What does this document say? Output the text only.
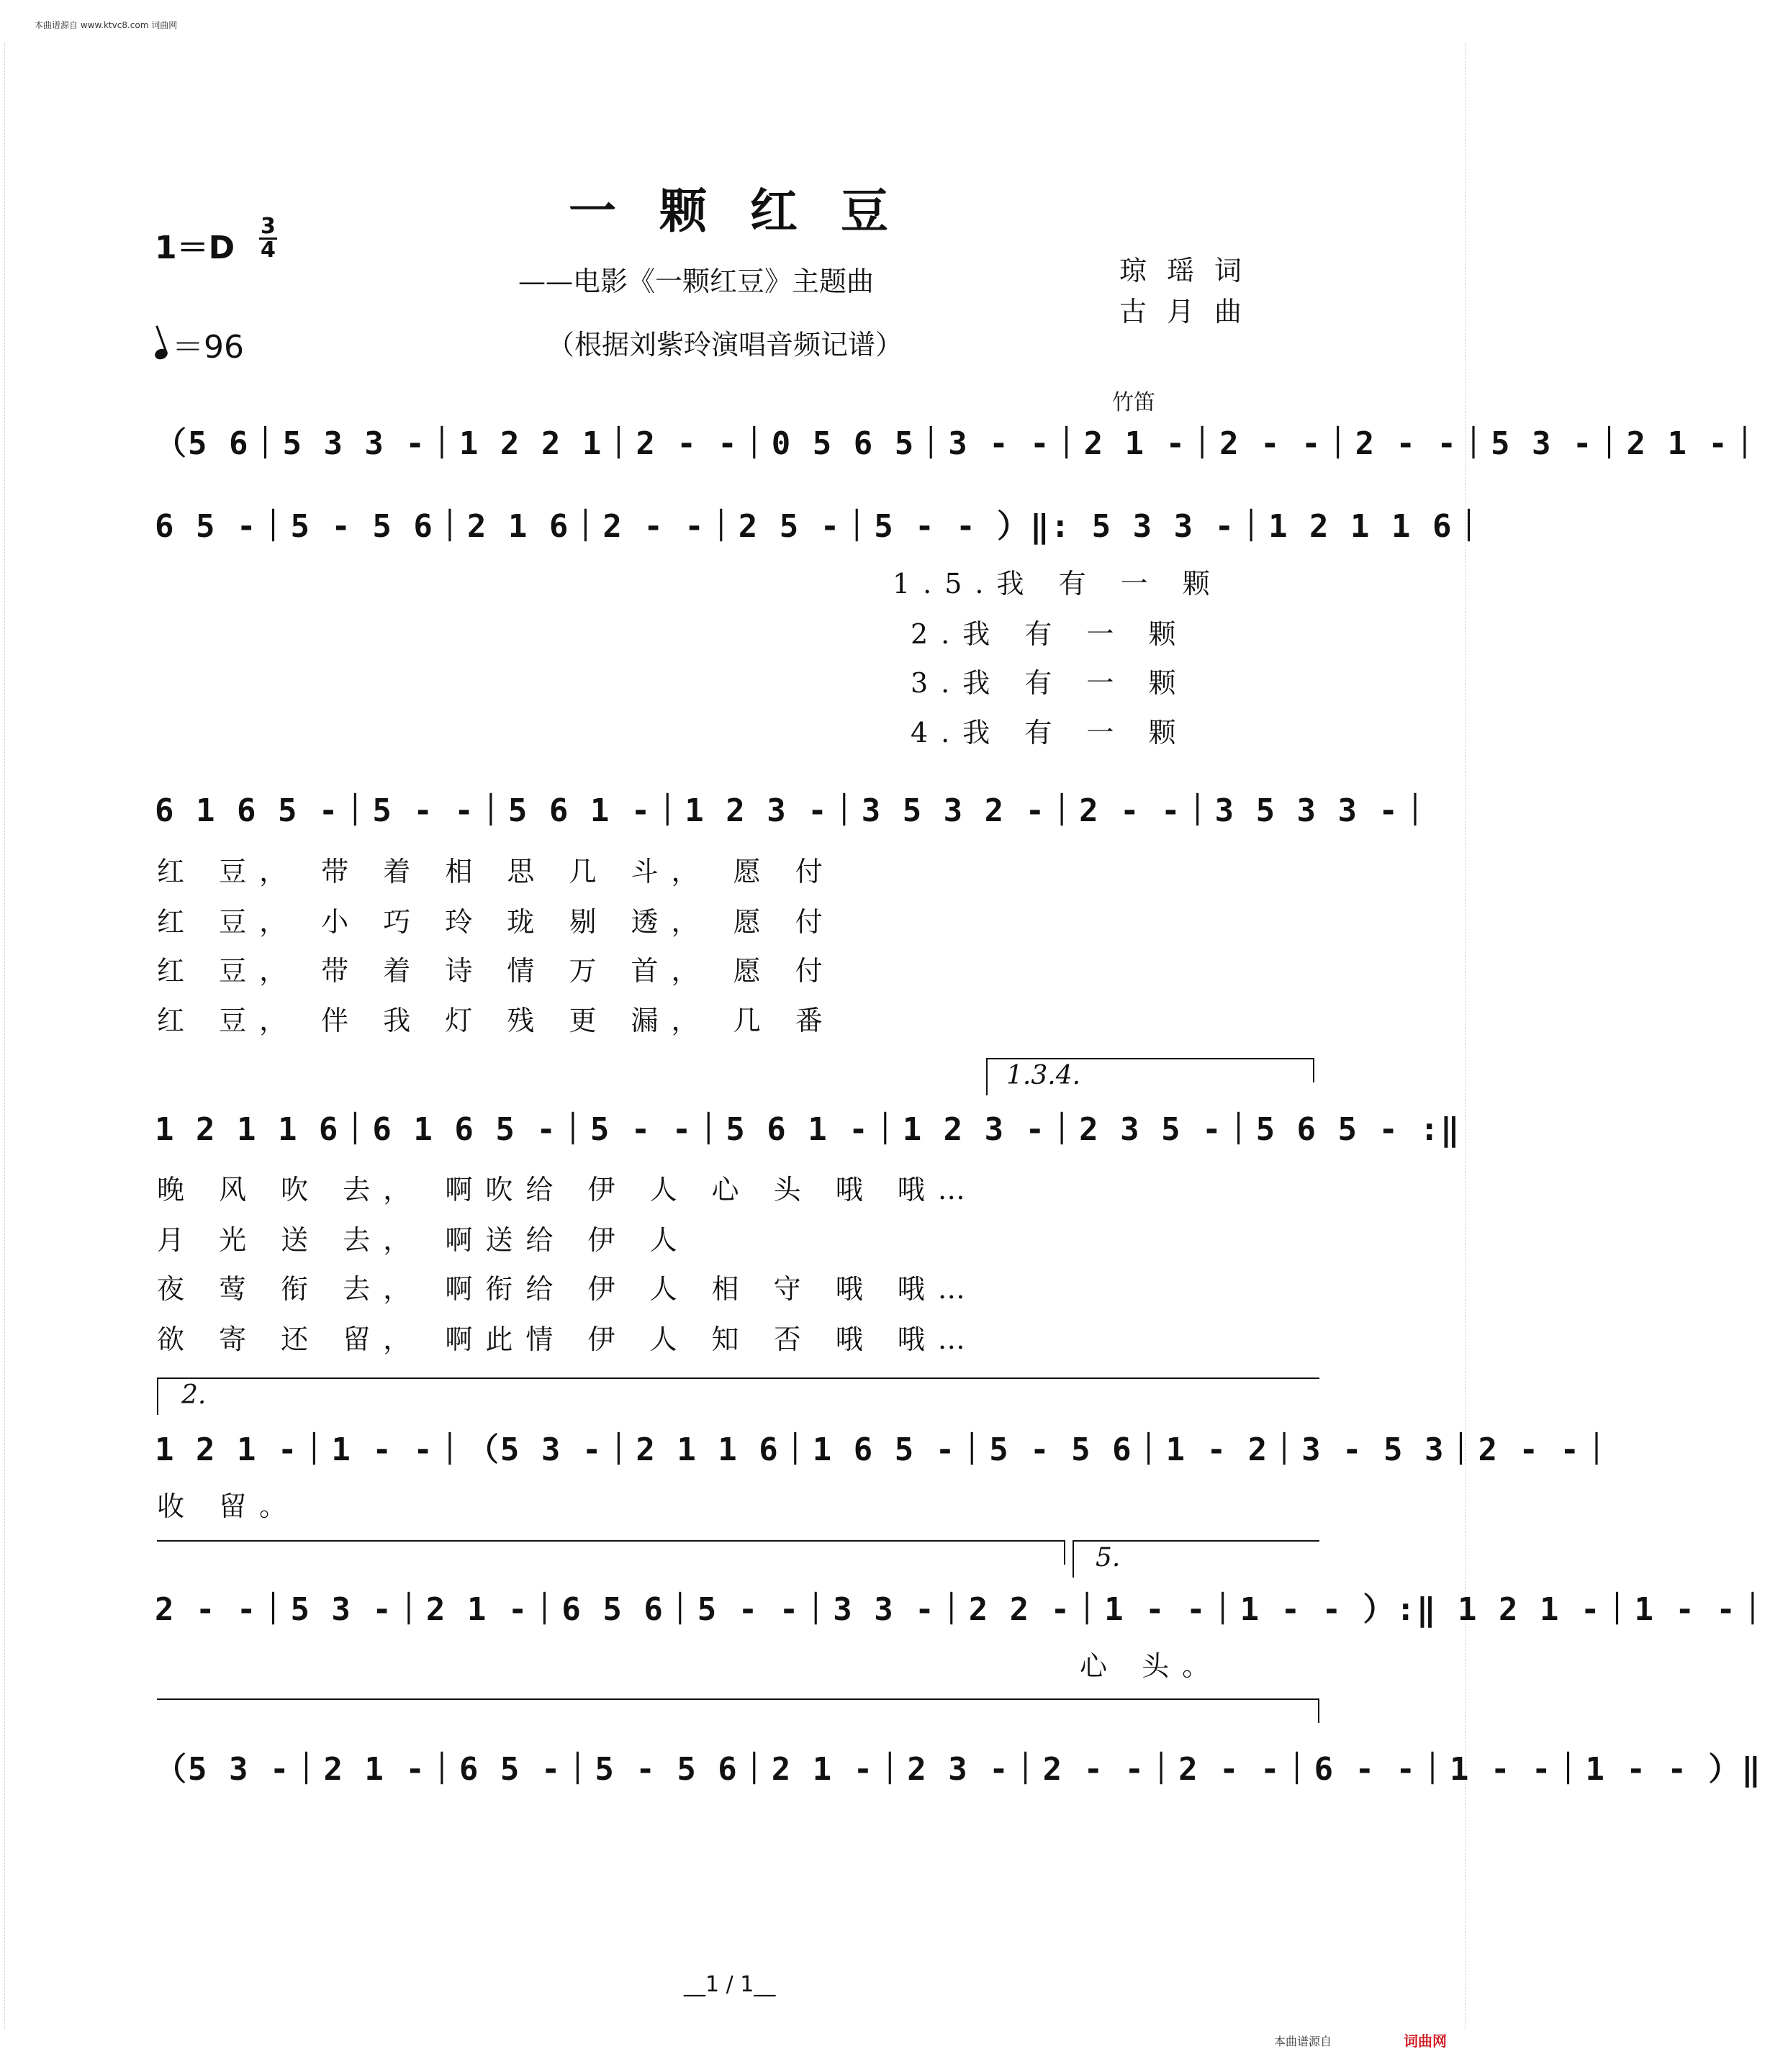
本曲谱源自 www.ktvc8.com 词曲网
一颗红豆
——电影《一颗红豆》主题曲
（根据刘紫玲演唱音频记谱）
琼瑶词
古月曲
1＝D
3
4
＝96
竹笛
（5 6｜5 3 3 -｜1 2 2 1｜2 - -｜0 5 6 5｜3 - -｜2 1 -｜2 - -｜2 - -｜5 3 -｜2 1 -｜
6 5 -｜5 - 5 6｜2 1 6｜2 - -｜2 5 -｜5 - - ）‖: 5 3 3 -｜1 2 1 1 6｜
1.5.我 有 一 颗
2.我 有 一 颗
3.我 有 一 颗
4.我 有 一 颗
6 1 6 5 -｜5 - -｜5 6 1 -｜1 2 3 -｜3 5 3 2 -｜2 - -｜3 5 3 3 -｜
红 豆， 带 着 相 思 几 斗， 愿 付
红 豆， 小 巧 玲 珑 剔 透， 愿 付
红 豆， 带 着 诗 情 万 首， 愿 付
红 豆， 伴 我 灯 残 更 漏， 几 番
1.3.4.
1 2 1 1 6｜6 1 6 5 -｜5 - -｜5 6 1 -｜1 2 3 -｜2 3 5 -｜5 6 5 - :‖
晚 风 吹 去， 啊吹给 伊 人 心 头 哦 哦…
月 光 送 去， 啊送给 伊 人
夜 莺 衔 去， 啊衔给 伊 人 相 守 哦 哦…
欲 寄 还 留， 啊此情 伊 人 知 否 哦 哦…
2.
1 2 1 -｜1 - -｜（5 3 -｜2 1 1 6｜1 6 5 -｜5 - 5 6｜1 - 2｜3 - 5 3｜2 - -｜
收 留。
5.
2 - -｜5 3 -｜2 1 -｜6 5 6｜5 - -｜3 3 -｜2 2 -｜1 - -｜1 - - ）:‖ 1 2 1 -｜1 - -｜
心 头。
（5 3 -｜2 1 -｜6 5 -｜5 - 5 6｜2 1 -｜2 3 -｜2 - -｜2 - -｜6 - -｜1 - -｜1 - - ）‖
__1 / 1__
本曲谱源自	词曲网
